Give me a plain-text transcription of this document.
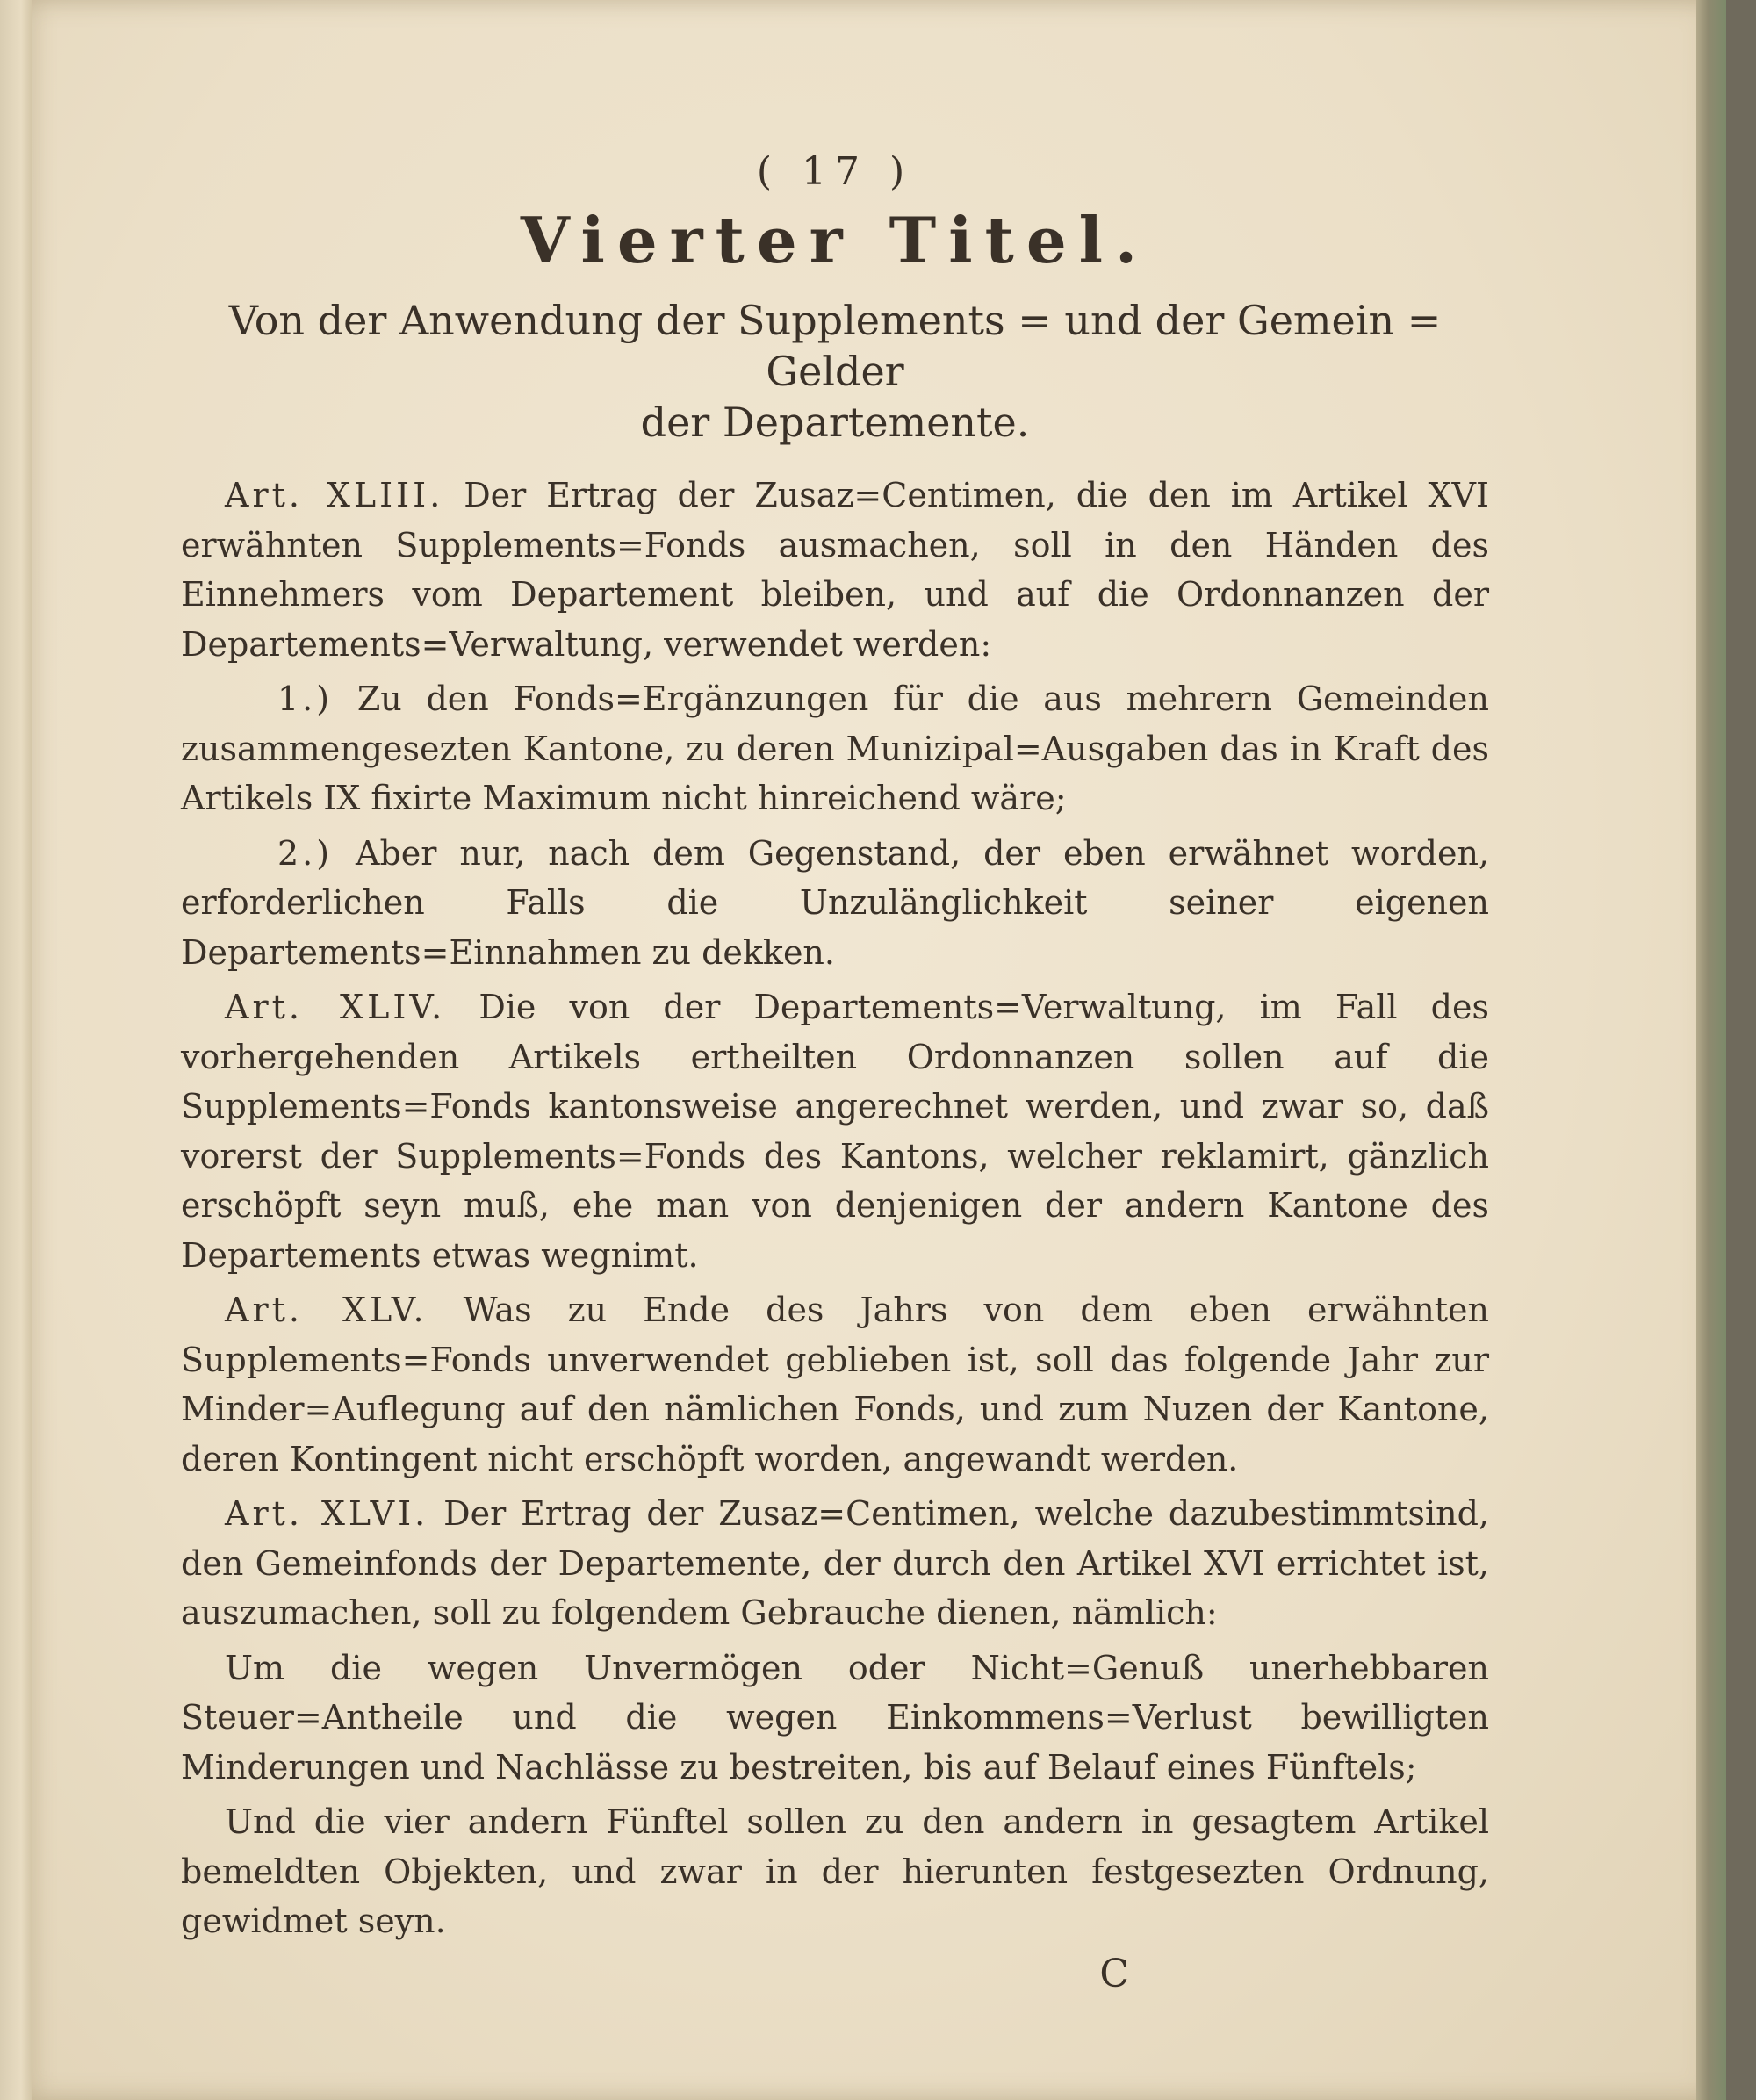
( 17 )
Vierter Titel.
Von der Anwendung der Supplements = und der Gemein = Gelder
der Departemente.

Art. XLIII. Der Ertrag der Zusaz=Centimen, die den im Artikel XVI erwähnten Supplements=Fonds ausmachen, soll in den Händen des Einnehmers vom Departement bleiben, und auf die Ordonnanzen der Departements=Verwaltung, verwendet werden:

1.) Zu den Fonds=Ergänzungen für die aus mehrern Gemeinden zusammengesezten Kantone, zu deren Munizipal=Ausgaben das in Kraft des Artikels IX fixirte Maximum nicht hinreichend wäre;

2.) Aber nur, nach dem Gegenstand, der eben erwähnet worden, erforderlichen Falls die Unzulänglichkeit seiner eigenen Departements=Einnahmen zu dekken.

Art. XLIV. Die von der Departements=Verwaltung, im Fall des vorhergehenden Artikels ertheilten Ordonnanzen sollen auf die Supplements=Fonds kantonsweise angerechnet werden, und zwar so, daß vorerst der Supplements=Fonds des Kantons, welcher reklamirt, gänzlich erschöpft seyn muß, ehe man von denjenigen der andern Kantone des Departements etwas wegnimt.

Art. XLV. Was zu Ende des Jahrs von dem eben erwähnten Supplements=Fonds unverwendet geblieben ist, soll das folgende Jahr zur Minder=Auflegung auf den nämlichen Fonds, und zum Nuzen der Kantone, deren Kontingent nicht erschöpft worden, angewandt werden.

Art. XLVI. Der Ertrag der Zusaz=Centimen, welche dazubestimmtsind, den Gemeinfonds der Departemente, der durch den Artikel XVI errichtet ist, auszumachen, soll zu folgendem Gebrauche dienen, nämlich:

Um die wegen Unvermögen oder Nicht=Genuß unerhebbaren Steuer=Antheile und die wegen Einkommens=Verlust bewilligten Minderungen und Nachlässe zu bestreiten, bis auf Belauf eines Fünftels;

Und die vier andern Fünftel sollen zu den andern in gesagtem Artikel bemeldten Objekten, und zwar in der hierunten festgesezten Ordnung, gewidmet seyn.

C
